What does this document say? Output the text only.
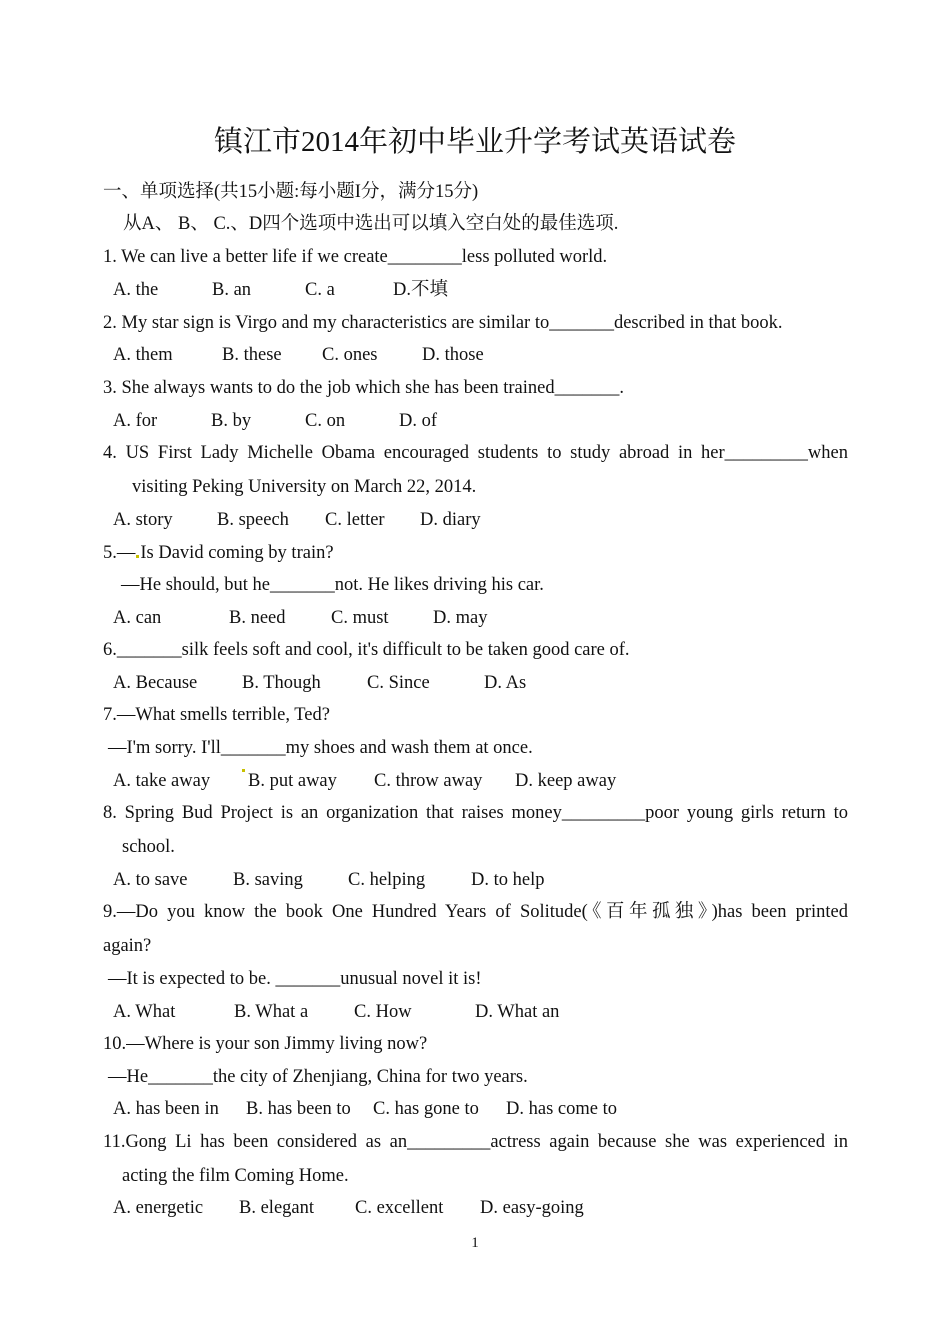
镇江市2014年初中毕业升学考试英语试卷
一、单项选择(共15小题:每小题I分，满分15分)
从A、 B、 C.、D四个选项中选出可以填入空白处的最佳选项.
1. We can live a better life if we create________less polluted world.
A. the	B. an	C. a	D.不填
2. My star sign is Virgo and my characteristics are similar to_______described in that book.
A. them	B. these C. ones D. those
3. She always wants to do the job which she has been trained_______.
A. for	B. by	C. on	D. of
4. US First Lady Michelle Obama encouraged students to study abroad in her_________when
visiting Peking University on March 22, 2014.
A. story B. speech C. letter D. diary
5.— Is David coming by train?
—He should, but he_______not. He likes driving his car.
A. can	B. need C. must D. may
6._______silk feels soft and cool, it's difficult to be taken good care of.
A. Because B. Though C. Since	D. As
7.—What smells terrible, Ted?
—I'm sorry. I'll_______my shoes and wash them at once.
A. take away B. put away C. throw away D. keep away
8. Spring Bud Project is an organization that raises money_________poor young girls return to
school.
A. to save B. saving C. helping D. to help
9.—Do you know the book One Hundred Years of Solitude(《百年孤独》)has been printed
again?
—It is expected to be. _______unusual novel it is!
A. What	B. What a C. How	D. What an
10.—Where is your son Jimmy living now?
—He_______the city of Zhenjiang, China for two years.
A. has been in B. has been to C. has gone to D. has come to
11.Gong Li has been considered as an_________actress again because she was experienced in
acting the film Coming Home.
A. energetic B. elegant C. excellent D. easy-going
1
